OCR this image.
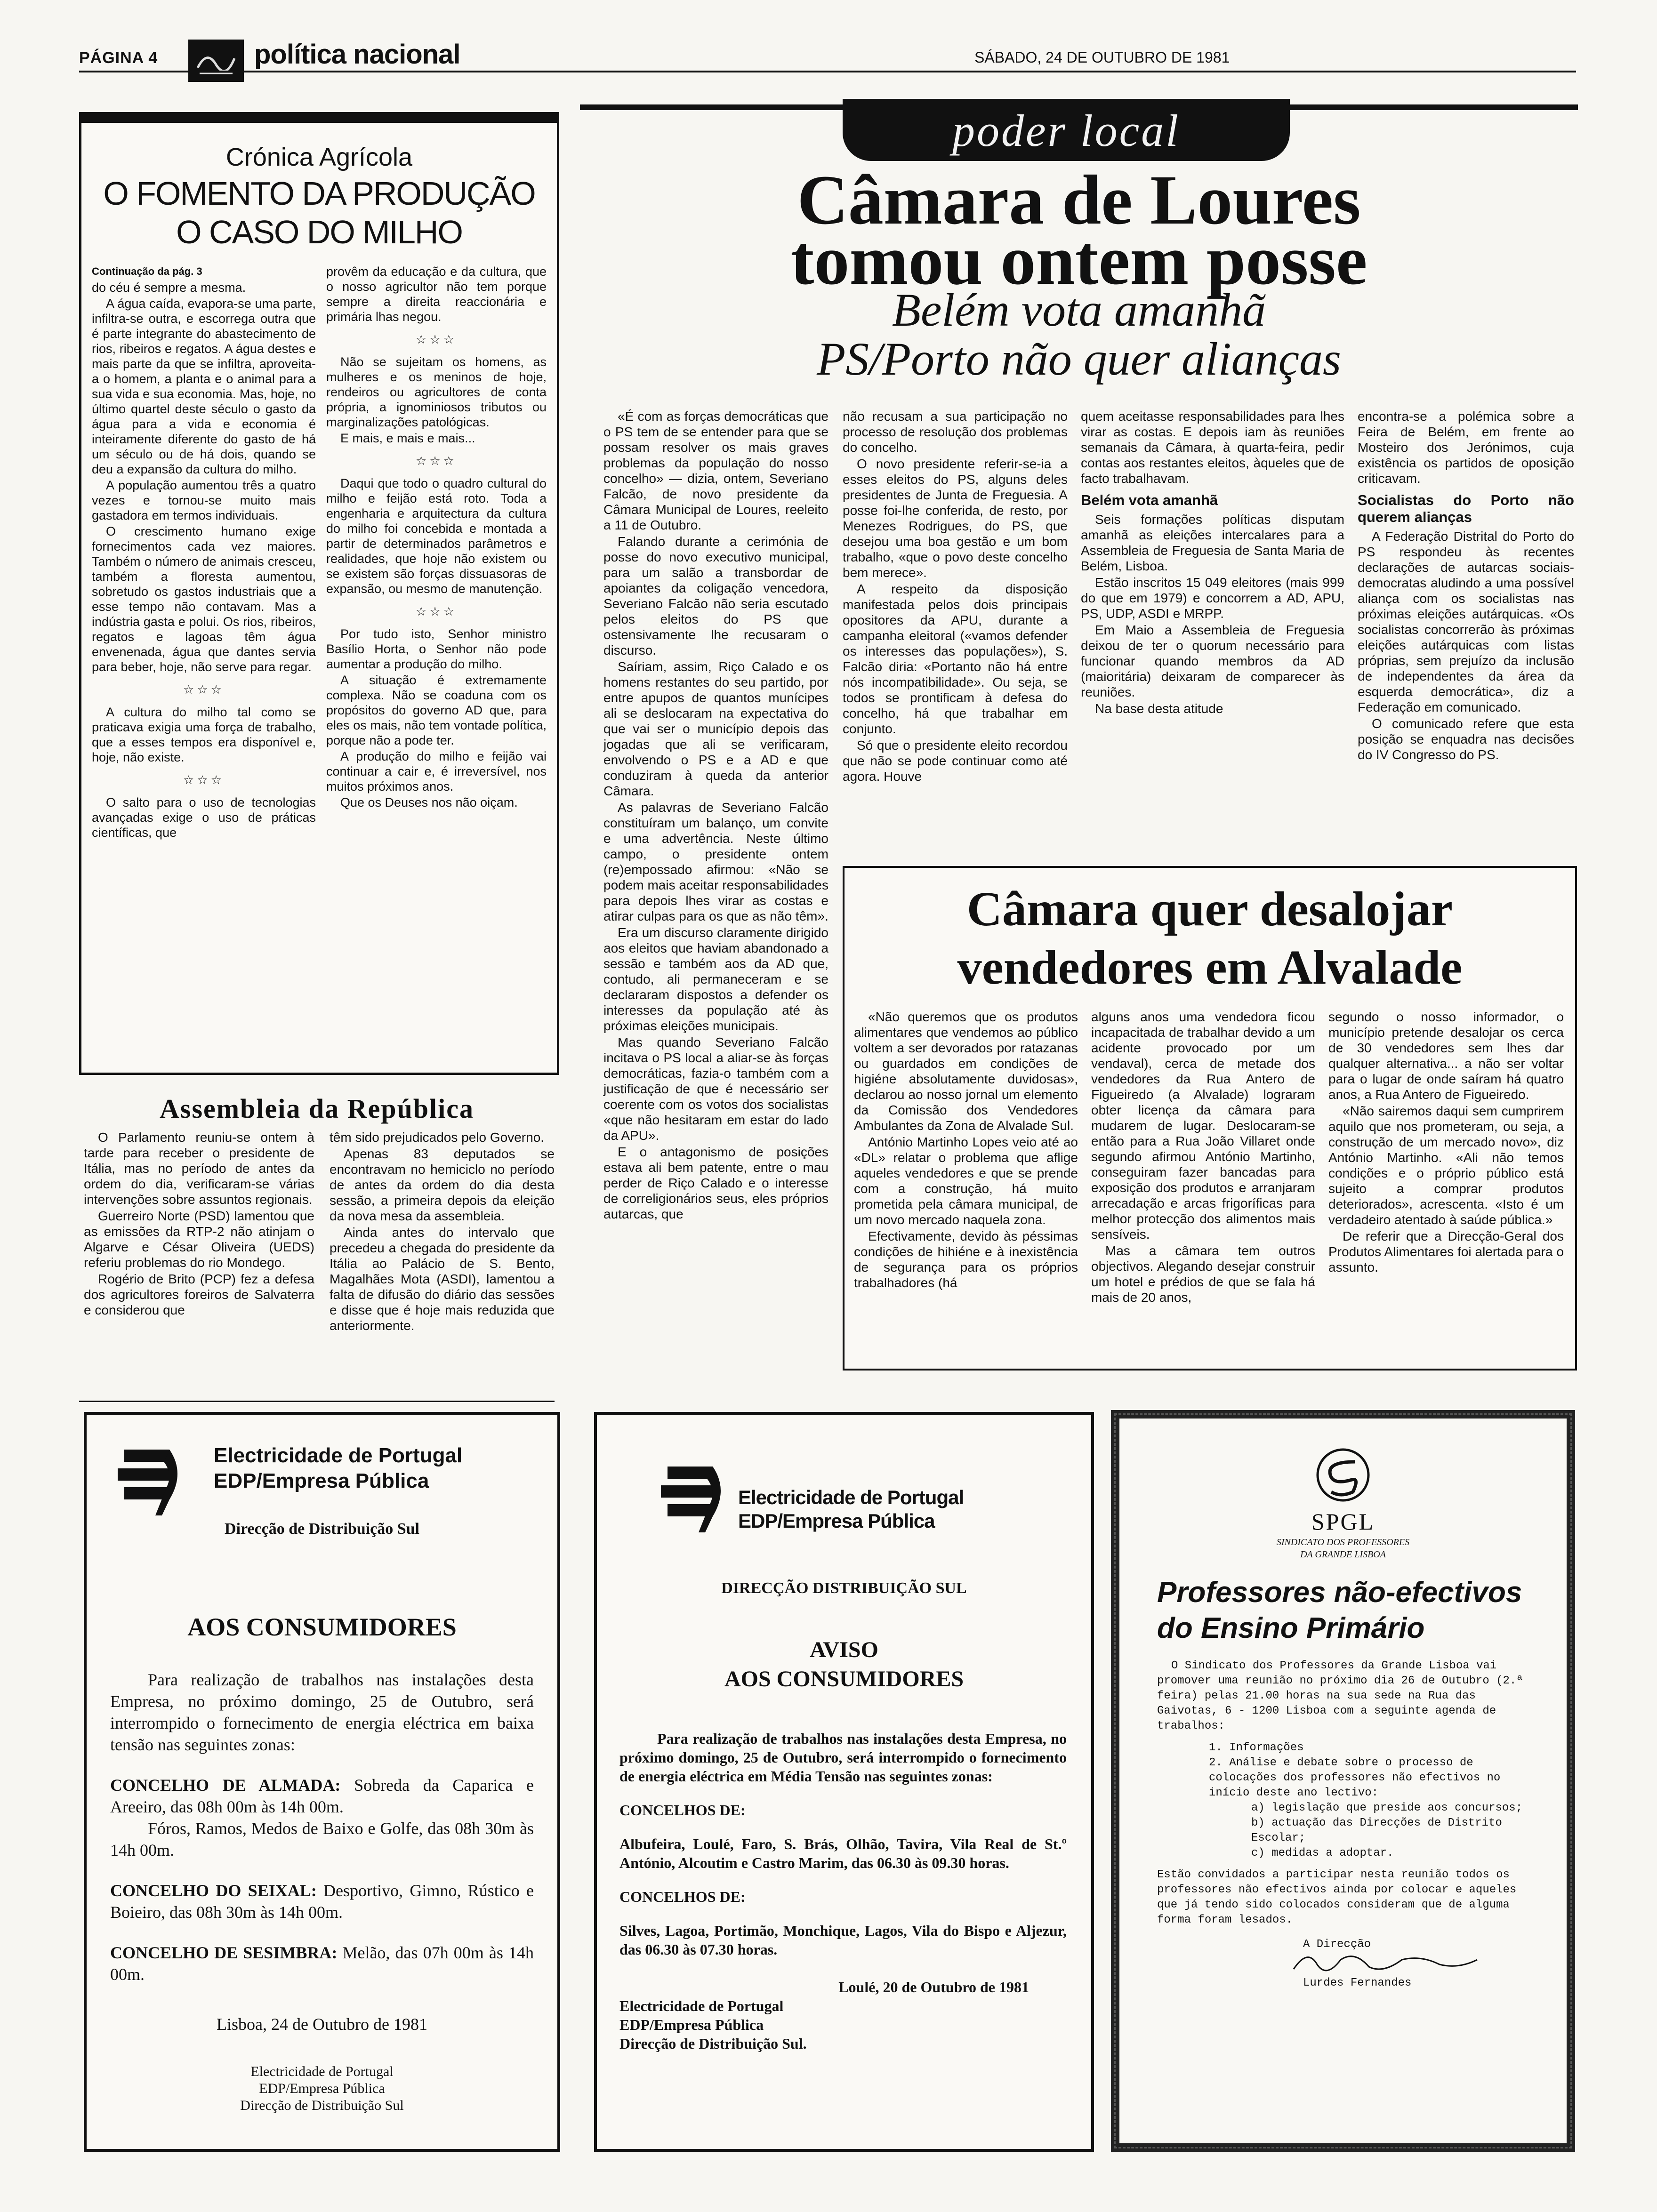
PÁGINA 4	política nacional	SÁBADO, 24 DE OUTUBRO DE 1981
Crónica Agrícola
O FOMENTO DA PRODUÇÃO
O CASO DO MILHO

Continuação da pág. 3

do céu é sempre a mesma.

A água caída, evapora-se uma parte, infiltra-se outra, e escorrega outra que é parte integrante do abastecimento de rios, ribeiros e regatos. A água destes e mais parte da que se infiltra, aproveita-a o homem, a planta e o animal para a sua vida e sua economia. Mas, hoje, no último quartel deste século o gasto da água para a vida e economia é inteiramente diferente do gasto de há um século ou de há dois, quando se deu a expansão da cultura do milho.

A população aumentou três a quatro vezes e tornou-se muito mais gastadora em termos individuais.

O crescimento humano exige fornecimentos cada vez maiores. Também o número de animais cresceu, também a floresta aumentou, sobretudo os gastos industriais que a esse tempo não contavam. Mas a indústria gasta e polui. Os rios, ribeiros, regatos e lagoas têm água envenenada, água que dantes servia para beber, hoje, não serve para regar.

☆☆☆

A cultura do milho tal como se praticava exigia uma força de trabalho, que a esses tempos era disponível e, hoje, não existe.

☆☆☆

O salto para o uso de tecnologias avançadas exige o uso de práticas científicas, que

provêm da educação e da cultura, que o nosso agricultor não tem porque sempre a direita reaccionária e primária lhas negou.

☆☆☆

Não se sujeitam os homens, as mulheres e os meninos de hoje, rendeiros ou agricultores de conta própria, a ignominiosos tributos ou marginalizações patológicas.

E mais, e mais e mais...

☆☆☆

Daqui que todo o quadro cultural do milho e feijão está roto. Toda a engenharia e arquitectura da cultura do milho foi concebida e montada a partir de determinados parâmetros e realidades, que hoje não existem ou se existem são forças dissuasoras de expansão, ou mesmo de manutenção.

☆☆☆

Por tudo isto, Senhor ministro Basílio Horta, o Senhor não pode aumentar a produção do milho.

A situação é extremamente complexa. Não se coaduna com os propósitos do governo AD que, para eles os mais, não tem vontade política, porque não a pode ter.

A produção do milho e feijão vai continuar a cair e, é irreversível, nos muitos próximos anos.

Que os Deuses nos não oiçam.

Assembleia da República

O Parlamento reuniu-se ontem à tarde para receber o presidente de Itália, mas no período de antes da ordem do dia, verificaram-se várias intervenções sobre assuntos regionais.

Guerreiro Norte (PSD) lamentou que as emissões da RTP-2 não atinjam o Algarve e César Oliveira (UEDS) referiu problemas do rio Mondego.

Rogério de Brito (PCP) fez a defesa dos agricultores foreiros de Salvaterra e considerou que

têm sido prejudicados pelo Governo.

Apenas 83 deputados se encontravam no hemiciclo no período de antes da ordem do dia desta sessão, a primeira depois da eleição da nova mesa da assembleia.

Ainda antes do intervalo que precedeu a chegada do presidente da Itália ao Palácio de S. Bento, Magalhães Mota (ASDI), lamentou a falta de difusão do diário das sessões e disse que é hoje mais reduzida que anteriormente.

poder local
Câmara de Loures
tomou ontem posse
Belém vota amanhã
PS/Porto não quer alianças

«É com as forças democráticas que o PS tem de se entender para que se possam resolver os mais graves problemas da população do nosso concelho» — dizia, ontem, Severiano Falcão, de novo presidente da Câmara Municipal de Loures, reeleito a 11 de Outubro.

Falando durante a cerimónia de posse do novo executivo municipal, para um salão a transbordar de apoiantes da coligação vencedora, Severiano Falcão não seria escutado pelos eleitos do PS que ostensivamente lhe recusaram o discurso.

Saíriam, assim, Riço Calado e os homens restantes do seu partido, por entre apupos de quantos munícipes ali se deslocaram na expectativa do que vai ser o município depois das jogadas que ali se verificaram, envolvendo o PS e a AD e que conduziram à queda da anterior Câmara.

As palavras de Severiano Falcão constituíram um balanço, um convite e uma advertência. Neste último campo, o presidente ontem (re)empossado afirmou: «Não se podem mais aceitar responsabilidades para depois lhes virar as costas e atirar culpas para os que as não têm».

Era um discurso claramente dirigido aos eleitos que haviam abandonado a sessão e também aos da AD que, contudo, ali permaneceram e se declararam dispostos a defender os interesses da população até às próximas eleições municipais.

Mas quando Severiano Falcão incitava o PS local a aliar-se às forças democráticas, fazia-o também com a justificação de que é necessário ser coerente com os votos dos socialistas «que não hesitaram em estar do lado da APU».

E o antagonismo de posições estava ali bem patente, entre o mau perder de Riço Calado e o interesse de correligionários seus, eles próprios autarcas, que

não recusam a sua participação no processo de resolução dos problemas do concelho.

O novo presidente referir-se-ia a esses eleitos do PS, alguns deles presidentes de Junta de Freguesia. A posse foi-lhe conferida, de resto, por Menezes Rodrigues, do PS, que desejou uma boa gestão e um bom trabalho, «que o povo deste concelho bem merece».

A respeito da disposição manifestada pelos dois principais opositores da APU, durante a campanha eleitoral («vamos defender os interesses das populações»), S. Falcão diria: «Portanto não há entre nós incompatibilidade». Ou seja, se todos se prontificam à defesa do concelho, há que trabalhar em conjunto.

Só que o presidente eleito recordou que não se pode continuar como até agora. Houve

quem aceitasse responsabilidades para lhes virar as costas. E depois iam às reuniões semanais da Câmara, à quarta-feira, pedir contas aos restantes eleitos, àqueles que de facto trabalhavam.

Belém vota amanhã

Seis formações políticas disputam amanhã as eleições intercalares para a Assembleia de Freguesia de Santa Maria de Belém, Lisboa.

Estão inscritos 15 049 eleitores (mais 999 do que em 1979) e concorrem a AD, APU, PS, UDP, ASDI e MRPP.

Em Maio a Assembleia de Freguesia deixou de ter o quorum necessário para funcionar quando membros da AD (maioritária) deixaram de comparecer às reuniões.

Na base desta atitude

encontra-se a polémica sobre a Feira de Belém, em frente ao Mosteiro dos Jerónimos, cuja existência os partidos de oposição criticavam.

Socialistas do Porto não querem alianças

A Federação Distrital do Porto do PS respondeu às recentes declarações de autarcas sociais-democratas aludindo a uma possível aliança com os socialistas nas próximas eleições autárquicas. «Os socialistas concorrerão às próximas eleições autárquicas com listas próprias, sem prejuízo da inclusão de independentes da área da esquerda democrática», diz a Federação em comunicado.

O comunicado refere que esta posição se enquadra nas decisões do IV Congresso do PS.

Câmara quer desalojar
vendedores em Alvalade

«Não queremos que os produtos alimentares que vendemos ao público voltem a ser devorados por ratazanas ou guardados em condições de higiéne absolutamente duvidosas», declarou ao nosso jornal um elemento da Comissão dos Vendedores Ambulantes da Zona de Alvalade Sul.

António Martinho Lopes veio até ao «DL» relatar o problema que aflige aqueles vendedores e que se prende com a construção, há muito prometida pela câmara municipal, de um novo mercado naquela zona.

Efectivamente, devido às péssimas condições de hihiéne e à inexistência de segurança para os próprios trabalhadores (há

alguns anos uma vendedora ficou incapacitada de trabalhar devido a um acidente provocado por um vendaval), cerca de metade dos vendedores da Rua Antero de Figueiredo (a Alvalade) lograram obter licença da câmara para mudarem de lugar. Deslocaram-se então para a Rua João Villaret onde segundo afirmou António Martinho, conseguiram fazer bancadas para exposição dos produtos e arranjaram arrecadação e arcas frigoríficas para melhor protecção dos alimentos mais sensíveis.

Mas a câmara tem outros objectivos. Alegando desejar construir um hotel e prédios de que se fala há mais de 20 anos,

segundo o nosso informador, o município pretende desalojar os cerca de 30 vendedores sem lhes dar qualquer alternativa... a não ser voltar para o lugar de onde saíram há quatro anos, a Rua Antero de Figueiredo.

«Não sairemos daqui sem cumprirem aquilo que nos prometeram, ou seja, a construção de um mercado novo», diz António Martinho. «Ali não temos condições e o próprio público está sujeito a comprar produtos deteriorados», acrescenta. «Isto é um verdadeiro atentado à saúde pública.»

De referir que a Direcção-Geral dos Produtos Alimentares foi alertada para o assunto.

Electricidade de Portugal
EDP/Empresa Pública
Direcção de Distribuição Sul
AOS CONSUMIDORES
Para realização de trabalhos nas instalações desta Empresa, no próximo domingo, 25 de Outubro, será interrompido o fornecimento de energia eléctrica em baixa tensão nas seguintes zonas:
CONCELHO DE ALMADA: Sobreda da Caparica e Areeiro, das 08h 00m às 14h 00m.
Fóros, Ramos, Medos de Baixo e Golfe, das 08h 30m às 14h 00m.
CONCELHO DO SEIXAL: Desportivo, Gimno, Rústico e Boieiro, das 08h 30m às 14h 00m.
CONCELHO DE SESIMBRA: Melão, das 07h 00m às 14h 00m.
Lisboa, 24 de Outubro de 1981
Electricidade de Portugal
EDP/Empresa Pública
Direcção de Distribuição Sul
Electricidade de Portugal
EDP/Empresa Pública
DIRECÇÃO DISTRIBUIÇÃO SUL
AVISO
AOS CONSUMIDORES
Para realização de trabalhos nas instalações desta Empresa, no próximo domingo, 25 de Outubro, será interrompido o fornecimento de energia eléctrica em Média Tensão nas seguintes zonas:
CONCELHOS DE:
Albufeira, Loulé, Faro, S. Brás, Olhão, Tavira, Vila Real de St.º António, Alcoutim e Castro Marim, das 06.30 às 09.30 horas.
CONCELHOS DE:
Silves, Lagoa, Portimão, Monchique, Lagos, Vila do Bispo e Aljezur, das 06.30 às 07.30 horas.
Loulé, 20 de Outubro de 1981
Electricidade de Portugal
EDP/Empresa Pública
Direcção de Distribuição Sul.
SPGL
SINDICATO DOS PROFESSORES
DA GRANDE LISBOA
Professores não-efectivos
do Ensino Primário
O Sindicato dos Professores da Grande Lisboa vai promover uma reunião no próximo dia 26 de Outubro (2.ª feira) pelas 21.00 horas na sua sede na Rua das Gaivotas, 6 - 1200 Lisboa com a seguinte agenda de trabalhos:
1. Informações
2. Análise e debate sobre o processo de colocações dos professores não efectivos no início deste ano lectivo:
a) legislação que preside aos concursos;
b) actuação das Direcções de Distrito Escolar;
c) medidas a adoptar.
Estão convidados a participar nesta reunião todos os professores não efectivos ainda por colocar e aqueles que já tendo sido colocados consideram que de alguma forma foram lesados.
A Direcção
Lurdes Fernandes
